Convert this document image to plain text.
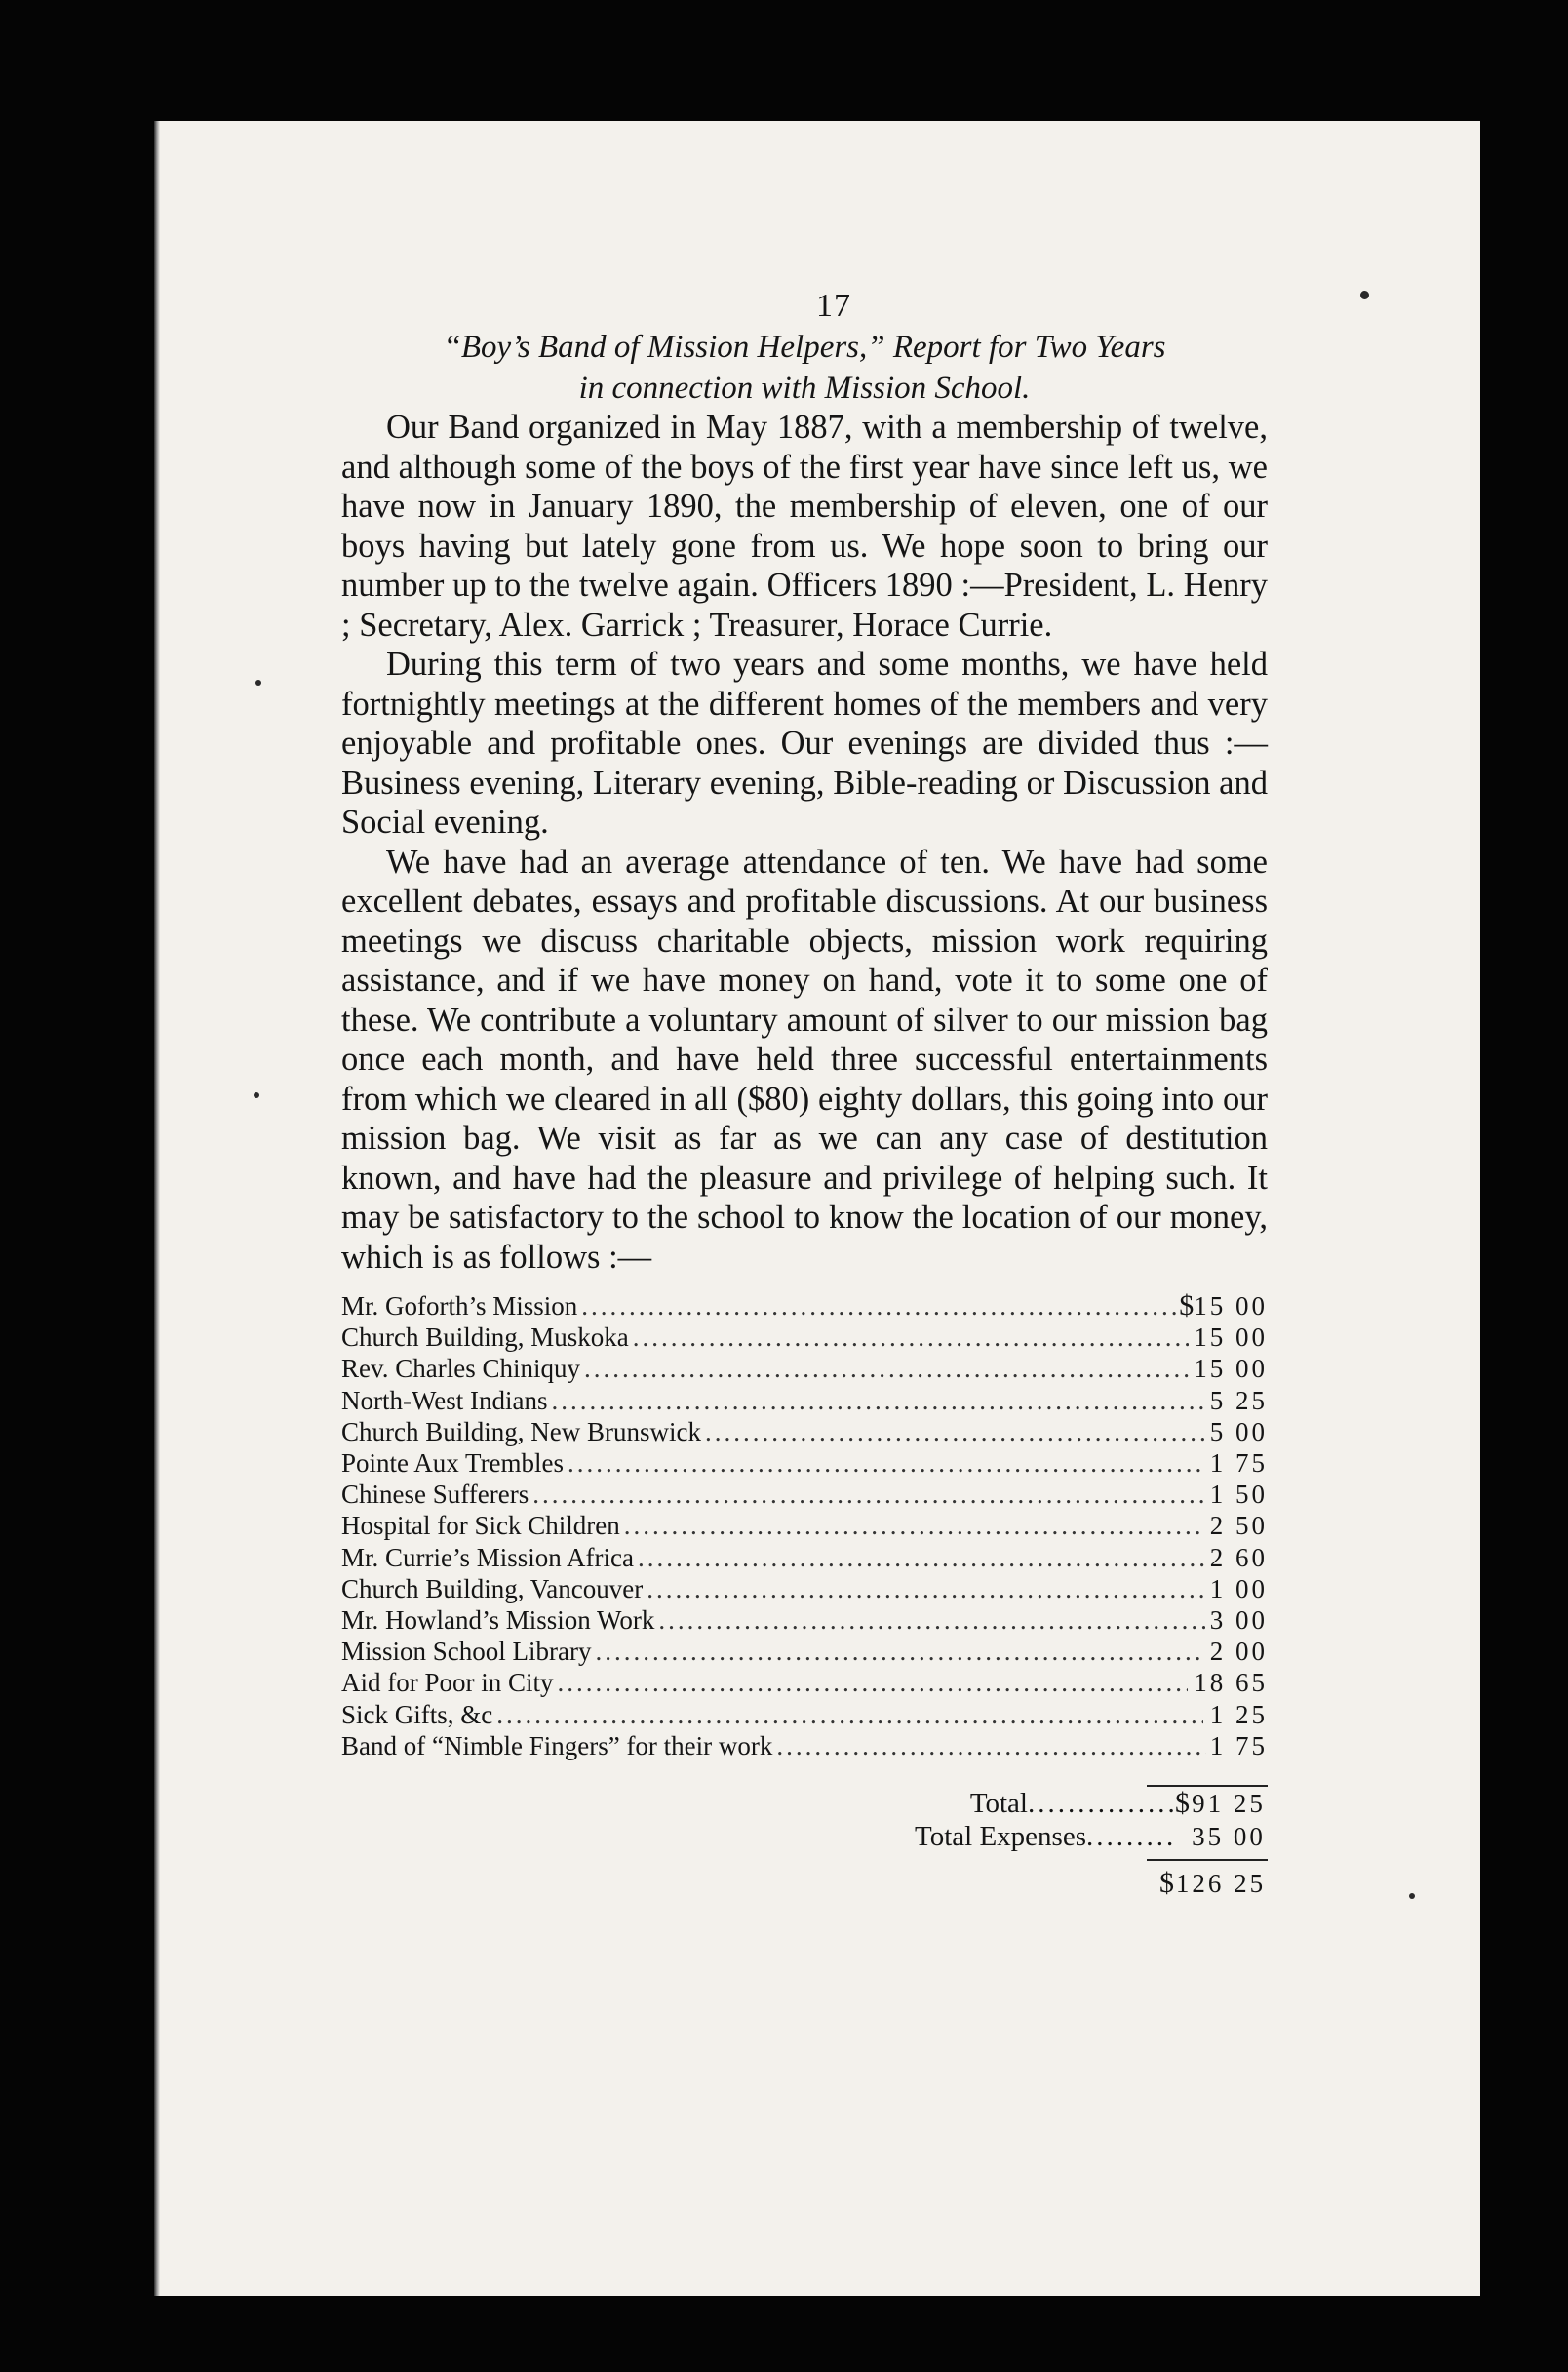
17
“Boy’s Band of Mission Helpers,” Report for Two Years
in connection with Mission School.

Our Band organized in May 1887, with a membership of twelve, and although some of the boys of the first year have since left us, we have now in January 1890, the membership of eleven, one of our boys having but lately gone from us. We hope soon to bring our number up to the twelve again. Officers 1890 :—President, L. Henry ; Secretary, Alex. Garrick ; Treasurer, Horace Currie.

During this term of two years and some months, we have held fortnightly meetings at the different homes of the members and very enjoyable and profitable ones. Our evenings are divided thus :—Business evening, Literary evening, Bible-reading or Discussion and Social evening.

We have had an average attendance of ten. We have had some excellent debates, essays and profitable discussions. At our business meetings we discuss charitable objects, mission work requiring assistance, and if we have money on hand, vote it to some one of these. We contribute a voluntary amount of silver to our mission bag once each month, and have held three successful entertainments from which we cleared in all ($80) eighty dollars, this going into our mission bag. We visit as far as we can any case of destitution known, and have had the pleasure and privilege of helping such. It may be satisfactory to the school to know the location of our money, which is as follows :—

Mr. Goforth’s Mission .....	$ 15 00
Church Building, Muskoka .....	15 00
Rev. Charles Chiniquy .....	15 00
North-West Indians .....	5 25
Church Building, New Brunswick .....	5 00
Pointe Aux Trembles .....	1 75
Chinese Sufferers .....	1 50
Hospital for Sick Children .....	2 50
Mr. Currie’s Mission Africa .....	2 60
Church Building, Vancouver .....	1 00
Mr. Howland’s Mission Work .....	3 00
Mission School Library .....	2 00
Aid for Poor in City .....	18 65
Sick Gifts, &c .....	1 25
Band of “Nimble Fingers” for their work .....	1 75
Total .....	$ 91 25
Total Expenses .....	35 00
$ 126 25
